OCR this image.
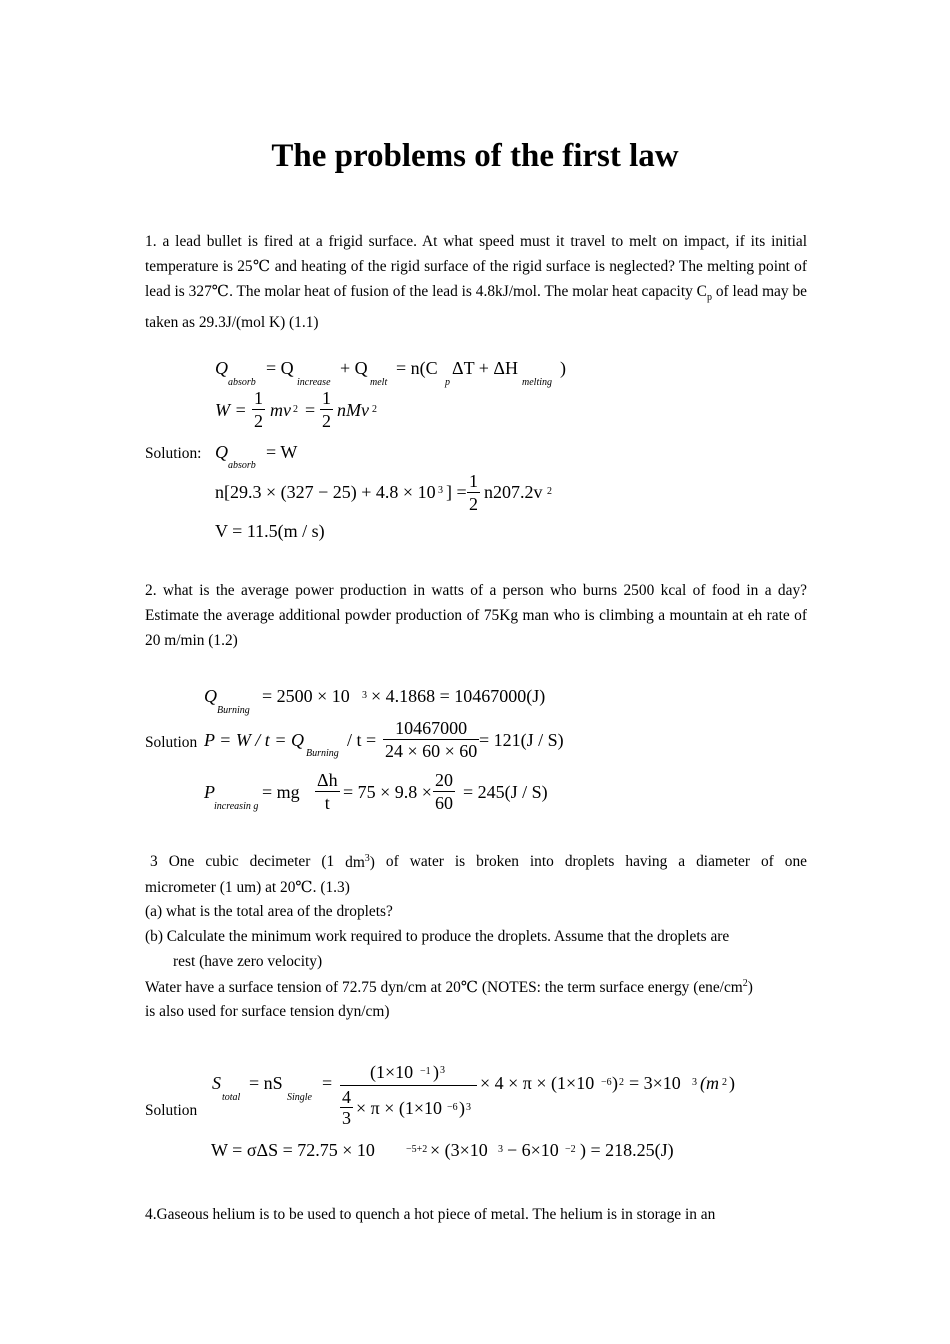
The problems of the first law
1. a lead bullet is fired at a frigid surface. At what speed must it travel to melt on impact, if its initial temperature is 25℃ and heating of the rigid surface of the rigid surface is neglected? The melting point of lead is 327℃. The molar heat of fusion of the lead is 4.8kJ/mol. The molar heat capacity $C_p$ of lead may be taken as 29.3J/(mol K) (1.1)
Q
absorb
= Q
increase
+ Q
melt
= n(C
p
ΔT + ΔH
melting
)
$W = \frac{1}{2}$ mv $2 = \frac{1}{2}$ nMv 2
Solution: Q
absorb
= W
n[29.3 × (327 − 25) + 4.8 × 10 3 ] = $\frac{1}{2} n207.2v$ 2
V = 11.5(m / s)
2. what is the average power production in watts of a person who burns 2500 kcal of food in a day? Estimate the average additional powder production of 75Kg man who is climbing a mountain at eh rate of 20 m/min (1.2)
Q
Burning
= 2500 × 10 3 × 4.1868 = 10467000(J)
Solution P = W / t = Q
Burning
/ $t = \frac{10467000}{24 \times 60 \times 60} = 121(J / S)$
P
increasin g
= mg $\frac{\Delta h}{t} = 75 \times 9.8 \times \frac{20}{60} = 245(J / S)$
3 One cubic decimeter (1 $dm^3$) of water is broken into droplets having a diameter of one
micrometer (1 um) at 20℃. (1.3)
(a) what is the total area of the droplets?
(b) Calculate the minimum work required to produce the droplets. Assume that the droplets are
rest (have zero velocity)
Water have a surface tension of 72.75 dyn/cm at 20℃ (NOTES: the term surface energy $(ene/cm^2)$
is also used for surface tension dyn/cm)
S
total
= nS
Single
=
(1×10 −1 ) 3
$\frac{4}{3} \times \pi \times (1\times 10 -6$ ) 3
× 4 × π × (1×10 −6 ) 2 = 3×10 3 (m 2 )
Solution
W = σΔS = 72.75 × 10	−5+2 × (3×10 3 − 6×10 −2 ) = 218.25(J)
4.Gaseous helium is to be used to quench a hot piece of metal. The helium is in storage in an
